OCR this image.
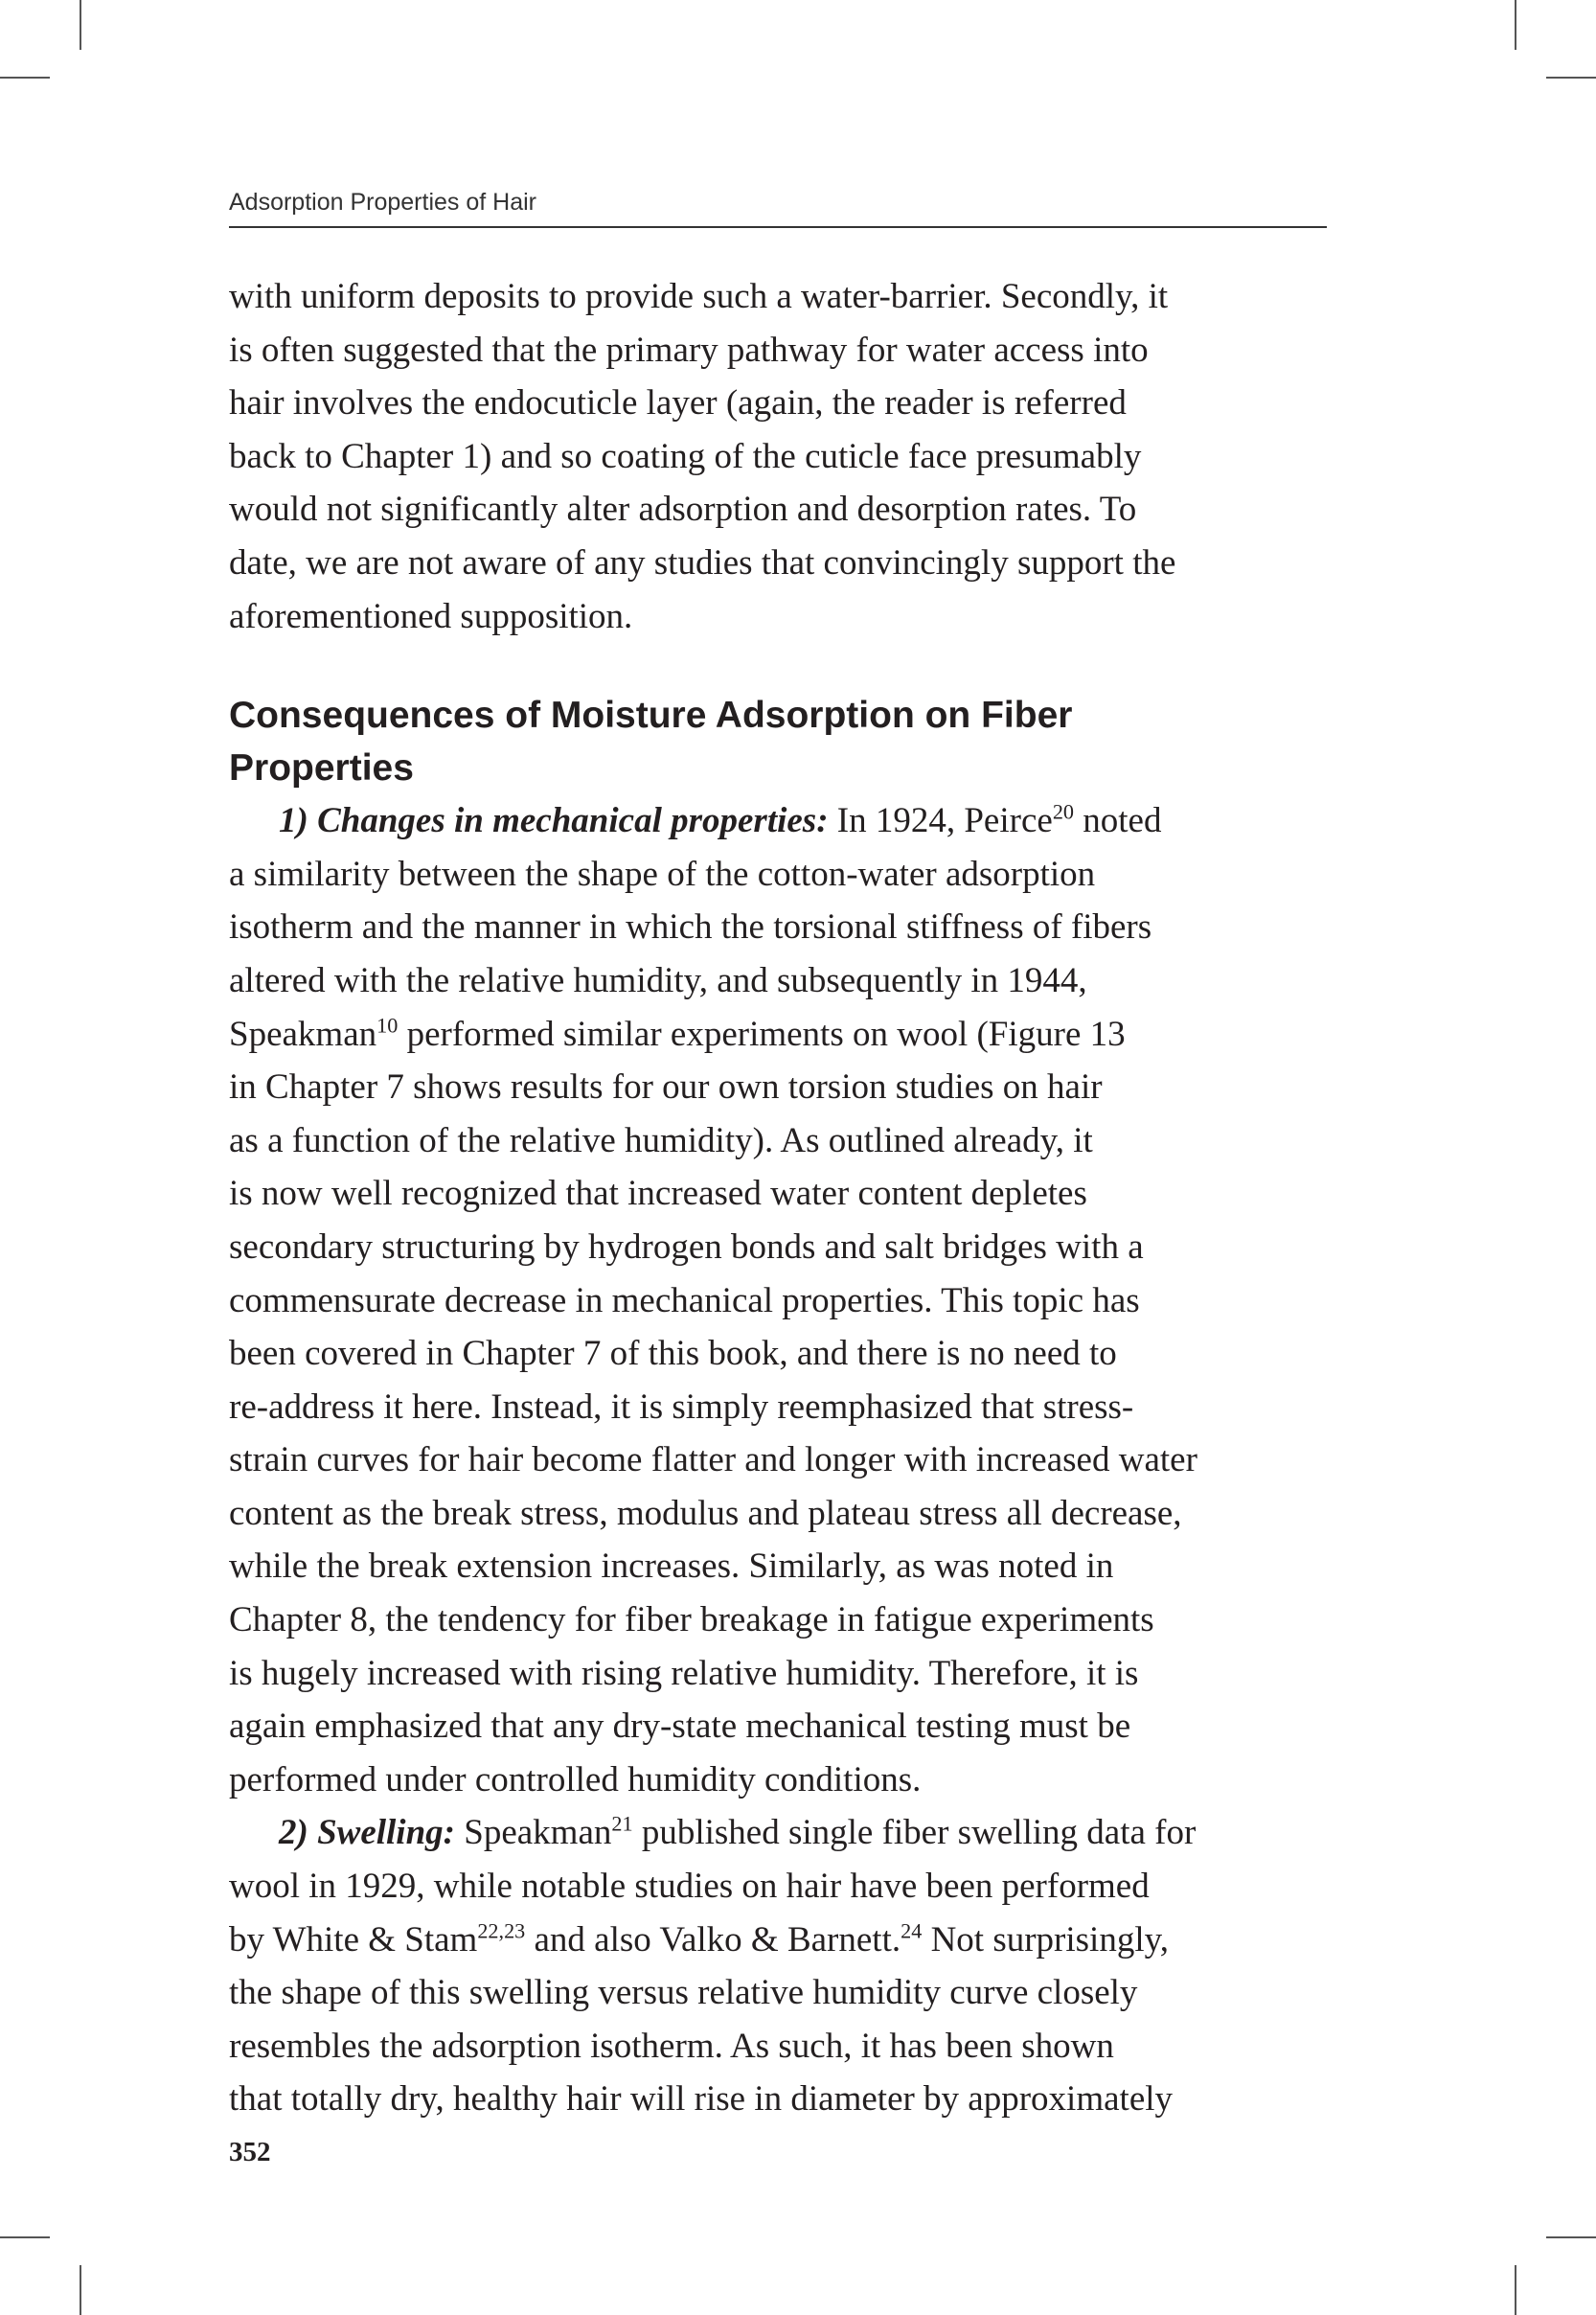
Adsorption Properties of Hair
with uniform deposits to provide such a water-barrier. Secondly, it
is often suggested that the primary pathway for water access into
hair involves the endocuticle layer (again, the reader is referred
back to Chapter 1) and so coating of the cuticle face presumably
would not significantly alter adsorption and desorption rates. To
date, we are not aware of any studies that convincingly support the
aforementioned supposition.
Consequences of Moisture Adsorption on Fiber
Properties
1) Changes in mechanical properties: In 1924, Peirce$^{20}$ noted
a similarity between the shape of the cotton-water adsorption
isotherm and the manner in which the torsional stiffness of fibers
altered with the relative humidity, and subsequently in 1944,
Speakman$^{10}$ performed similar experiments on wool (Figure 13
in Chapter 7 shows results for our own torsion studies on hair
as a function of the relative humidity). As outlined already, it
is now well recognized that increased water content depletes
secondary structuring by hydrogen bonds and salt bridges with a
commensurate decrease in mechanical properties. This topic has
been covered in Chapter 7 of this book, and there is no need to
re-address it here. Instead, it is simply reemphasized that stress-
strain curves for hair become flatter and longer with increased water
content as the break stress, modulus and plateau stress all decrease,
while the break extension increases. Similarly, as was noted in
Chapter 8, the tendency for fiber breakage in fatigue experiments
is hugely increased with rising relative humidity. Therefore, it is
again emphasized that any dry-state mechanical testing must be
performed under controlled humidity conditions.
2) Swelling: Speakman$^{21}$ published single fiber swelling data for
wool in 1929, while notable studies on hair have been performed
by White & Stam$^{22,23}$ and also Valko & Barnett.$^{24}$ Not surprisingly,
the shape of this swelling versus relative humidity curve closely
resembles the adsorption isotherm. As such, it has been shown
that totally dry, healthy hair will rise in diameter by approximately
352
